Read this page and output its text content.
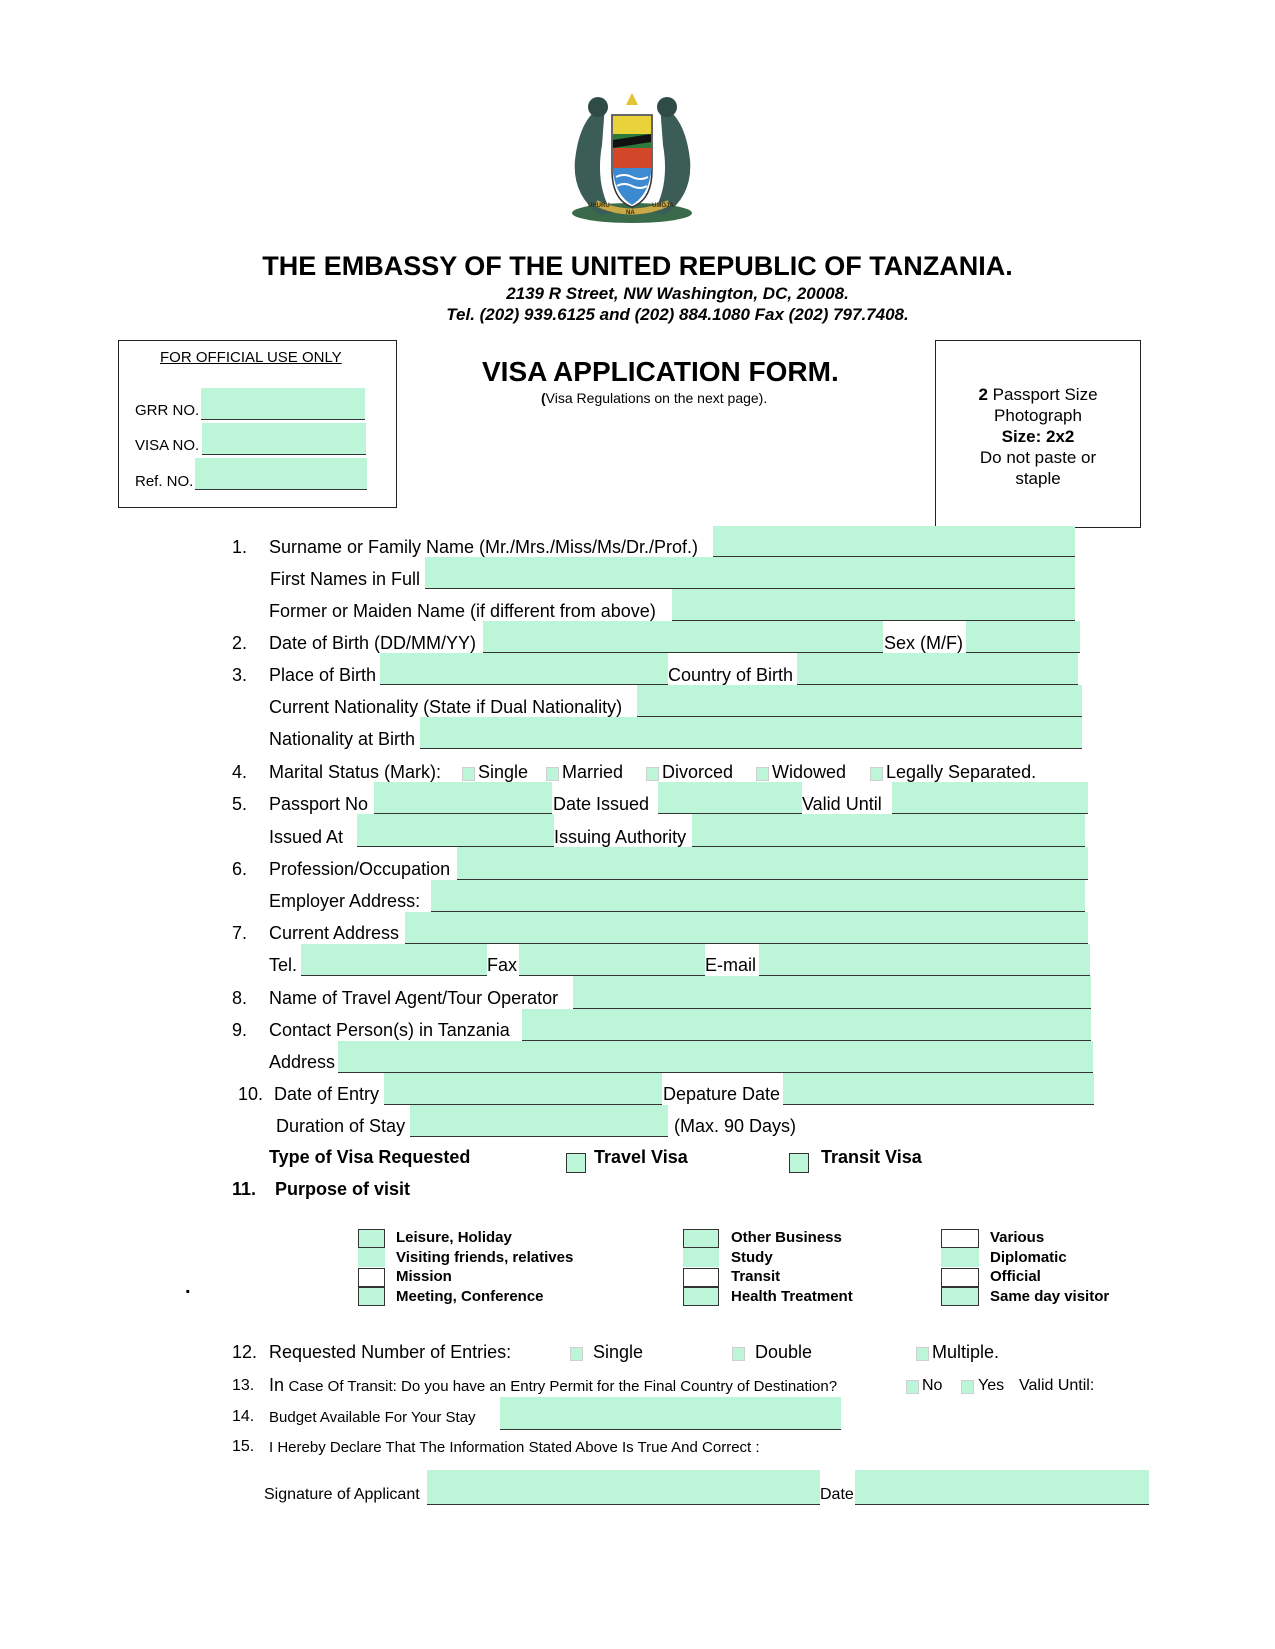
UHURU
NA
UMOJA
THE EMBASSY OF THE UNITED REPUBLIC OF TANZANIA.
2139 R Street, NW Washington, DC, 20008.
Tel. (202) 939.6125 and (202) 884.1080 Fax (202) 797.7408.
FOR OFFICIAL USE ONLY
GRR NO.
VISA NO.
Ref. NO.
VISA APPLICATION FORM.
(Visa Regulations on the next page).	2 Passport Size
Photograph
Size: 2x2
Do not paste or
staple
1. Surname or Family Name (Mr./Mrs./Miss/Ms/Dr./Prof.)
First Names in Full
Former or Maiden Name (if different from above)
2. Date of Birth (DD/MM/YY)	Sex (M/F)
3. Place of Birth	Country of Birth
Current Nationality (State if Dual Nationality)
Nationality at Birth
4. Marital Status (Mark): Single Married Divorced Widowed Legally Separated.
5. Passport No	Date Issued	Valid Until
Issued At	Issuing Authority
6. Profession/Occupation
Employer Address:
7. Current Address
Tel.	Fax	E-mail
8. Name of Travel Agent/Tour Operator
9. Contact Person(s) in Tanzania
Address
10. Date of Entry	Depature Date
Duration of Stay	(Max. 90 Days)
Type of Visa Requested	Travel Visa	Transit Visa
11. Purpose of visit
Leisure, Holiday
Visiting friends, relatives
Mission
Meeting, Conference
Other Business
Study
Transit
Health Treatment
Various
Diplomatic
Official
Same day visitor
.
12. Requested Number of Entries:	Single	Double	Multiple.
13. In Case Of Transit: Do you have an Entry Permit for the Final Country of Destination?	No Yes Valid Until:
14. Budget Available For Your Stay
15. I Hereby Declare That The Information Stated Above Is True And Correct :
Signature of Applicant	Date
